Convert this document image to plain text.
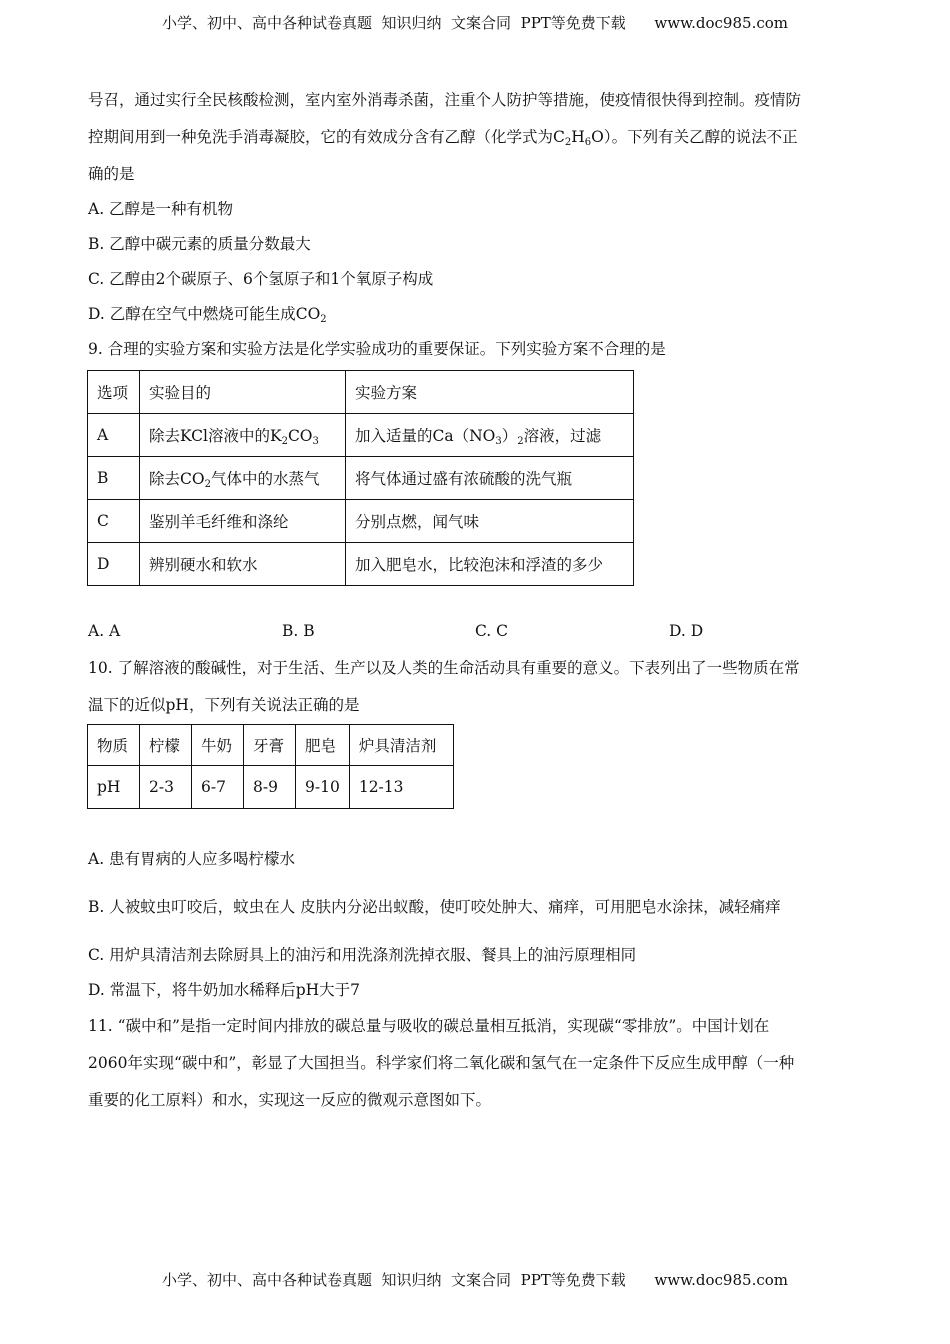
小学、初中、高中各种试卷真题  知识归纳  文案合同  PPT等免费下载      www.doc985.com
号召，通过实行全民核酸检测，室内室外消毒杀菌，注重个人防护等措施，使疫情很快得到控制。疫情防
控期间用到一种免洗手消毒凝胶，它的有效成分含有乙醇（化学式为$C_2H_6O$）。下列有关乙醇的说法不正
确的是
A. 乙醇是一种有机物
B. 乙醇中碳元素的质量分数最大
C. 乙醇由2个碳原子、6个氢原子和1个氧原子构成
D. 乙醇在空气中燃烧可能生成$CO_2$
9. 合理的实验方案和实验方法是化学实验成功的重要保证。下列实验方案不合理的是
选项	实验目的	实验方案
A	除去KCl溶液中的$K_2CO_3$	加入适量的$Ca(NO_3)_2$溶液，过滤
B	除去$CO_2$气体中的水蒸气	将气体通过盛有浓硫酸的洗气瓶
C	鉴别羊毛纤维和涤纶	分别点燃，闻气味
D	辨别硬水和软水	加入肥皂水，比较泡沫和浮渣的多少
A. A	B. B	C. C	D. D
10. 了解溶液的酸碱性，对于生活、生产以及人类的生命活动具有重要的意义。下表列出了一些物质在常
温下的近似pH，下列有关说法正确的是
物质	柠檬	牛奶	牙膏	肥皂	炉具清洁剂
pH	2-3	6-7	8-9	9-10	12-13
A. 患有胃病的人应多喝柠檬水
B. 人被蚊虫叮咬后，蚊虫在人 皮肤内分泌出蚁酸，使叮咬处肿大、痛痒，可用肥皂水涂抹，减轻痛痒
C. 用炉具清洁剂去除厨具上的油污和用洗涤剂洗掉衣服、餐具上的油污原理相同
D. 常温下，将牛奶加水稀释后pH大于7
11. “碳中和”是指一定时间内排放的碳总量与吸收的碳总量相互抵消，实现碳“零排放”。中国计划在
2060年实现“碳中和”，彰显了大国担当。科学家们将二氧化碳和氢气在一定条件下反应生成甲醇（一种
重要的化工原料）和水，实现这一反应的微观示意图如下。
小学、初中、高中各种试卷真题  知识归纳  文案合同  PPT等免费下载      www.doc985.com
